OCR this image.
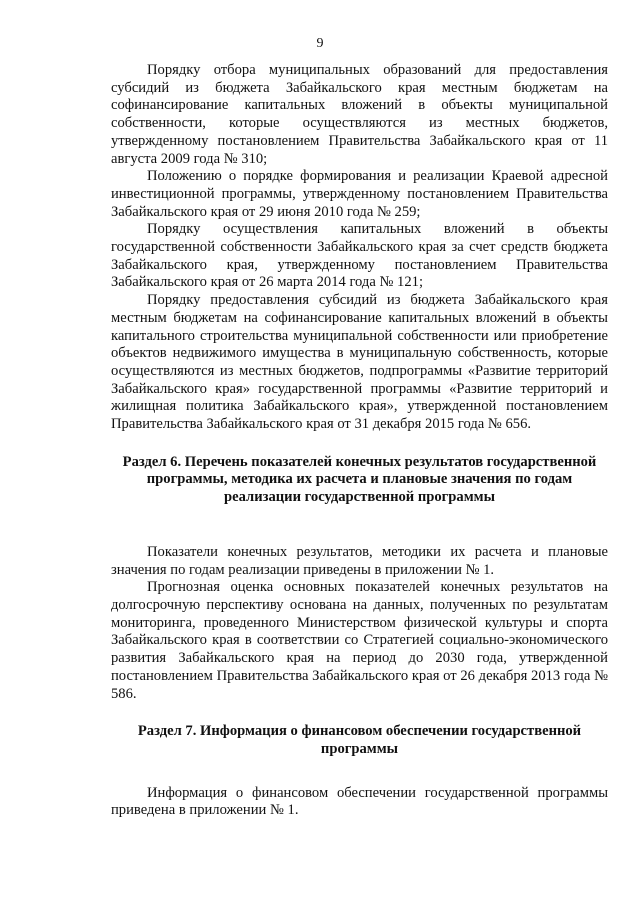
9

Порядку отбора муниципальных образований для предоставления субсидий из бюджета Забайкальского края местным бюджетам на софинансирование капитальных вложений в объекты муниципальной собственности, которые осуществляются из местных бюджетов, утвержденному постановлением Правительства Забайкальского края от 11 августа 2009 года № 310;

Положению о порядке формирования и реализации Краевой адресной инвестиционной программы, утвержденному постановлением Правительства Забайкальского края от 29 июня 2010 года № 259;

Порядку осуществления капитальных вложений в объекты государственной собственности Забайкальского края за счет средств бюджета Забайкальского края, утвержденному постановлением Правительства Забайкальского края от 26 марта 2014 года № 121;

Порядку предоставления субсидий из бюджета Забайкальского края местным бюджетам на софинансирование капитальных вложений в объекты капитального строительства муниципальной собственности или приобретение объектов недвижимого имущества в муниципальную собственность, которые осуществляются из местных бюджетов, подпрограммы «Развитие территорий Забайкальского края» государственной программы «Развитие территорий и жилищная политика Забайкальского края», утвержденной постановлением Правительства Забайкальского края от 31 декабря 2015 года № 656.

Раздел 6. Перечень показателей конечных результатов государственной программы, методика их расчета и плановые значения по годам реализации государственной программы

Показатели конечных результатов, методики их расчета и плановые значения по годам реализации приведены в приложении № 1.

Прогнозная оценка основных показателей конечных результатов на долгосрочную перспективу основана на данных, полученных по результатам мониторинга, проведенного Министерством физической культуры и спорта Забайкальского края в соответствии со Стратегией социально-экономического развития Забайкальского края на период до 2030 года, утвержденной постановлением Правительства Забайкальского края от 26 декабря 2013 года № 586.

Раздел 7. Информация о финансовом обеспечении государственной программы

Информация о финансовом обеспечении государственной программы приведена в приложении № 1.
